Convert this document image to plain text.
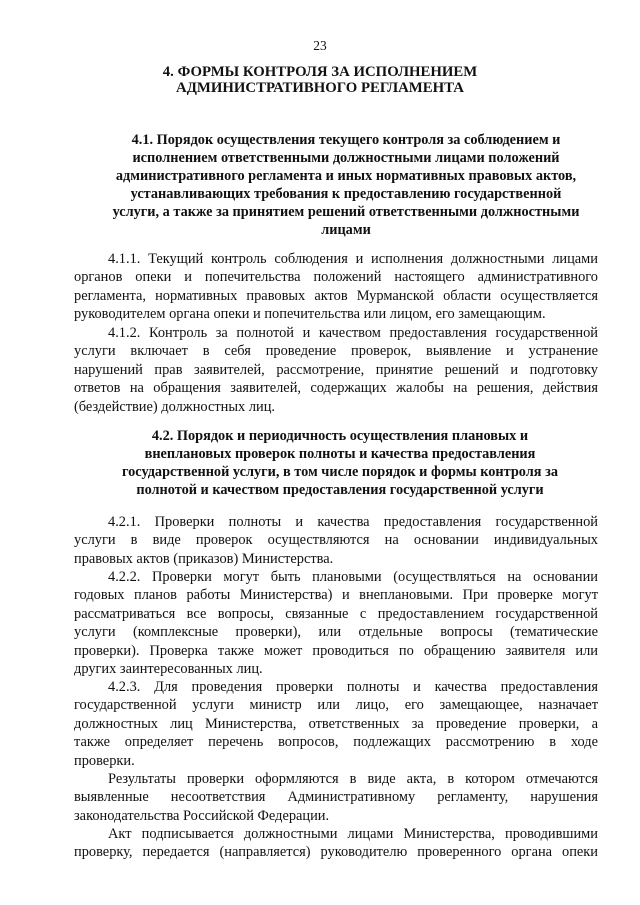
23
4. ФОРМЫ КОНТРОЛЯ ЗА ИСПОЛНЕНИЕМ
АДМИНИСТРАТИВНОГО РЕГЛАМЕНТА
4.1. Порядок осуществления текущего контроля за соблюдением и
исполнением ответственными должностными лицами положений
административного регламента и иных нормативных правовых актов,
устанавливающих требования к предоставлению государственной
услуги, а также за принятием решений ответственными должностными
лицами

4.1.1. Текущий контроль соблюдения и исполнения должностными лицами
органов опеки и попечительства положений настоящего административного
регламента, нормативных правовых актов Мурманской области осуществляется
руководителем органа опеки и попечительства или лицом, его замещающим.

4.1.2. Контроль за полнотой и качеством предоставления государственной
услуги включает в себя проведение проверок, выявление и устранение
нарушений прав заявителей, рассмотрение, принятие решений и подготовку
ответов на обращения заявителей, содержащих жалобы на решения, действия
(бездействие) должностных лиц.

4.2. Порядок и периодичность осуществления плановых и
внеплановых проверок полноты и качества предоставления
государственной услуги, в том числе порядок и формы контроля за
полнотой и качеством предоставления государственной услуги

4.2.1. Проверки полноты и качества предоставления государственной
услуги в виде проверок осуществляются на основании индивидуальных
правовых актов (приказов) Министерства.

4.2.2. Проверки могут быть плановыми (осуществляться на основании
годовых планов работы Министерства) и внеплановыми. При проверке могут
рассматриваться все вопросы, связанные с предоставлением государственной
услуги (комплексные проверки), или отдельные вопросы (тематические
проверки). Проверка также может проводиться по обращению заявителя или
других заинтересованных лиц.

4.2.3. Для проведения проверки полноты и качества предоставления
государственной услуги министр или лицо, его замещающее, назначает
должностных лиц Министерства, ответственных за проведение проверки, а
также определяет перечень вопросов, подлежащих рассмотрению в ходе
проверки.

Результаты проверки оформляются в виде акта, в котором отмечаются
выявленные несоответствия Административному регламенту, нарушения
законодательства Российской Федерации.

Акт подписывается должностными лицами Министерства, проводившими
проверку, передается (направляется) руководителю проверенного органа опеки
